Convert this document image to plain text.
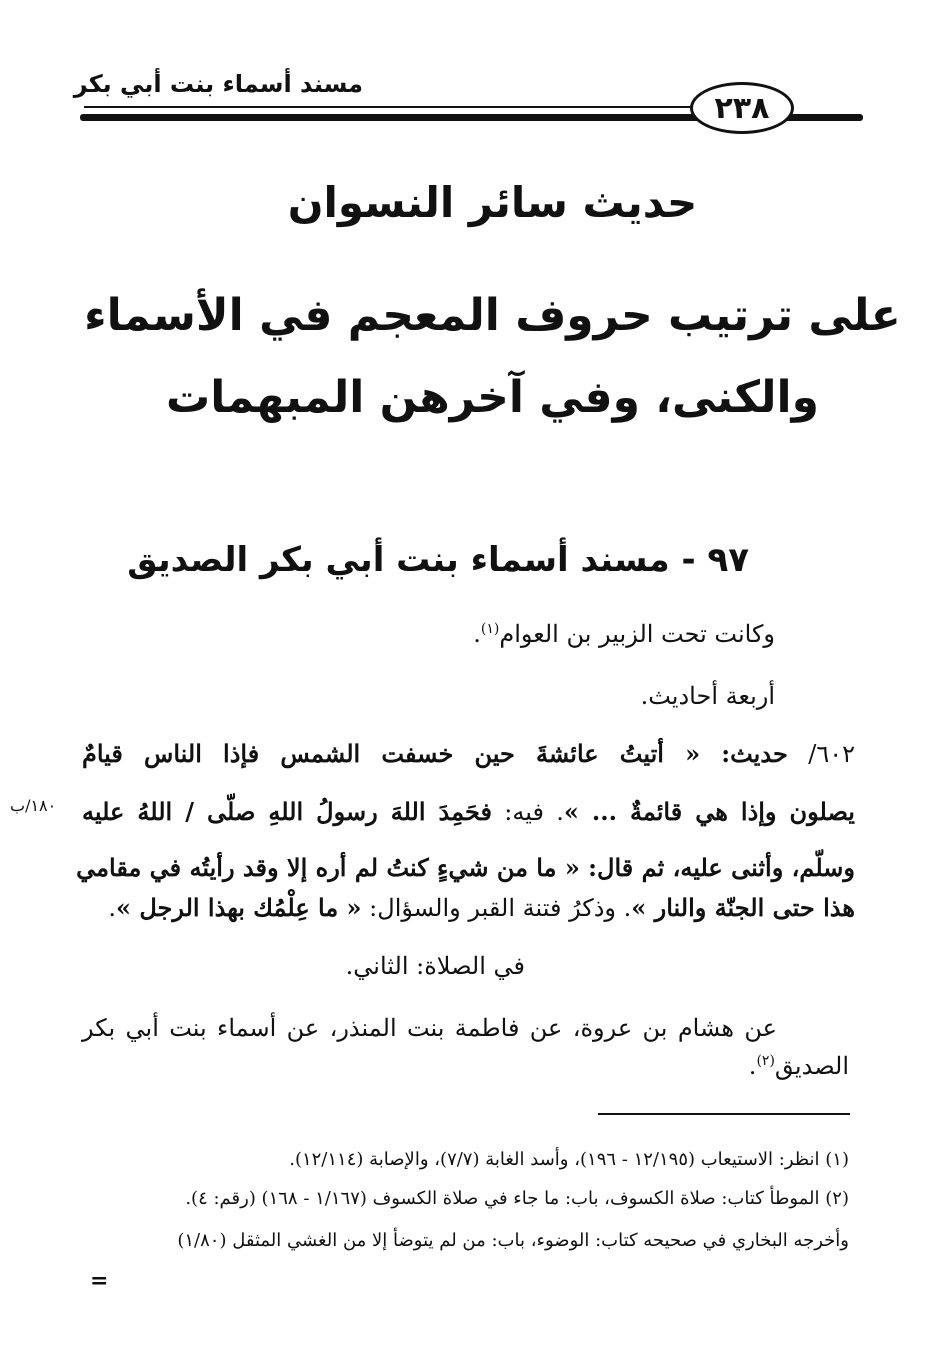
مسند أسماء بنت أبي بكر
٢٣٨
حديث سائر النسوان
على ترتيب حروف المعجم في الأسماء
والكنى، وفي آخرهن المبهمات
٩٧ - مسند أسماء بنت أبي بكر الصديق
وكانت تحت الزبير بن العوام$^{(١)}$.
أربعة أحاديث.
٦٠٢/ حديث: « أتيتُ عائشةَ حين خسفت الشمس فإذا الناس قيامٌ
١٨٠/ب	يصلون وإذا هي قائمةٌ ... ». فيه: فحَمِدَ اللهَ رسولُ اللهِ صلّى / اللهُ عليه
وسلّم، وأثنى عليه، ثم قال: « ما من شيءٍ كنتُ لم أره إلا وقد رأيتُه في مقامي
هذا حتى الجنّة والنار ». وذكرُ فتنة القبر والسؤال: « ما عِلْمُك بهذا الرجل ».
في الصلاة: الثاني.
عن هشام بن عروة، عن فاطمة بنت المنذر، عن أسماء بنت أبي بكر
الصديق$^{(٢)}$.
(١) انظر: الاستيعاب (١٢/١٩٥ - ١٩٦)، وأسد الغابة (٧/٧)، والإصابة (١٢/١١٤).
(٢) الموطأ كتاب: صلاة الكسوف، باب: ما جاء في صلاة الكسوف (١/١٦٧ - ١٦٨) (رقم: ٤).
وأخرجه البخاري في صحيحه كتاب: الوضوء، باب: من لم يتوضأ إلا من الغشي المثقل (١/٨٠)
=
